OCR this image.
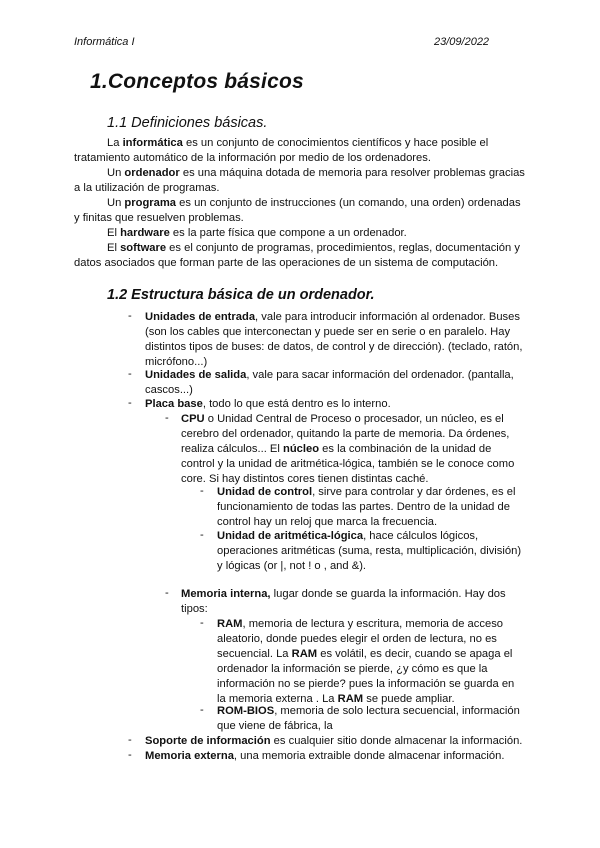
Informática I	23/09/2022
1.Conceptos básicos
1.1 Definiciones básicas.

La informática es un conjunto de conocimientos científicos y hace posible el tratamiento automático de la información por medio de los ordenadores.

Un ordenador es una máquina dotada de memoria para resolver problemas gracias a la utilización de programas.

Un programa es un conjunto de instrucciones (un comando, una orden) ordenadas y finitas que resuelven problemas.

El hardware es la parte física que compone a un ordenador.

El software es el conjunto de programas, procedimientos, reglas, documentación y datos asociados que forman parte de las operaciones de un sistema de computación.

1.2 Estructura básica de un ordenador.
- Unidades de entrada, vale para introducir información al ordenador. Buses (son los cables que interconectan y puede ser en serie o en paralelo. Hay distintos tipos de buses: de datos, de control y de dirección). (teclado, ratón, micrófono...)
- Unidades de salida, vale para sacar información del ordenador. (pantalla, cascos...)
- Placa base, todo lo que está dentro es lo interno.
- CPU o Unidad Central de Proceso o procesador, un núcleo, es el cerebro del ordenador, quitando la parte de memoria. Da órdenes, realiza cálculos... El núcleo es la combinación de la unidad de control y la unidad de aritmética-lógica, también se le conoce como core. Si hay distintos cores tienen distintas caché.
- Unidad de control, sirve para controlar y dar órdenes, es el funcionamiento de todas las partes. Dentro de la unidad de control hay un reloj que marca la frecuencia.
- Unidad de aritmética-lógica, hace cálculos lógicos, operaciones aritméticas (suma, resta, multiplicación, división) y lógicas (or |, not ! o , and &).
- Memoria interna, lugar donde se guarda la información. Hay dos tipos:
- RAM, memoria de lectura y escritura, memoria de acceso aleatorio, donde puedes elegir el orden de lectura, no es secuencial. La RAM es volátil, es decir, cuando se apaga el ordenador la información se pierde, ¿y cómo es que la información no se pierde? pues la información se guarda en la memoria externa . La RAM se puede ampliar.
- ROM-BIOS, memoria de solo lectura secuencial, información que viene de fábrica, la
- Soporte de información es cualquier sitio donde almacenar la información.
- Memoria externa, una memoria extraible donde almacenar información.
